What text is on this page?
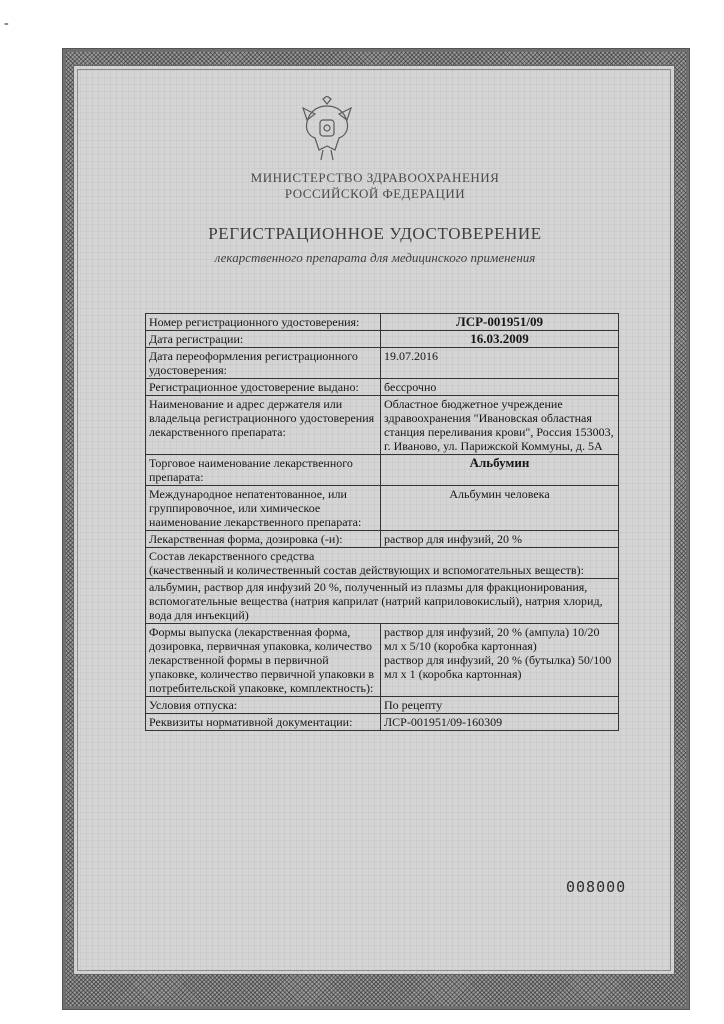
-
МИНИСТЕРСТВО ЗДРАВООХРАНЕНИЯ
РОССИЙСКОЙ ФЕДЕРАЦИИ
РЕГИСТРАЦИОННОЕ УДОСТОВЕРЕНИЕ
лекарственного препарата для медицинского применения
Номер регистрационного удостоверения:	ЛСР-001951/09
Дата регистрации:	16.03.2009
Дата переоформления регистрационного удостоверения:	19.07.2016
Регистрационное удостоверение выдано:	бессрочно
Наименование и адрес держателя или владельца регистрационного удостоверения лекарственного препарата:	Областное бюджетное учреждение здравоохранения "Ивановская областная станция переливания крови", Россия 153003, г. Иваново, ул. Парижской Коммуны, д. 5А
Торговое наименование лекарственного препарата:	Альбумин
Международное непатентованное, или группировочное, или химическое наименование лекарственного препарата:	Альбумин человека
Лекарственная форма, дозировка (-и):	раствор для инфузий, 20 %

Состав лекарственного средства
(качественный и количественный состав действующих и вспомогательных веществ):	

альбумин, раствор для инфузий 20 %, полученный из плазмы для фракционирования, вспомогательные вещества (натрия каприлат (натрий каприловокислый), натрия хлорид, вода для инъекций)	
Формы выпуска (лекарственная форма, дозировка, первичная упаковка, количество лекарственной формы в первичной упаковке, количество первичной упаковки в потребительской упаковке, комплектность):	раствор для инфузий, 20 % (ампула) 10/20 мл х 5/10 (коробка картонная)
раствор для инфузий, 20 % (бутылка) 50/100 мл х 1 (коробка картонная)

Условия отпуска:	По рецепту
Реквизиты нормативной документации:	ЛСР-001951/09-160309
008000
